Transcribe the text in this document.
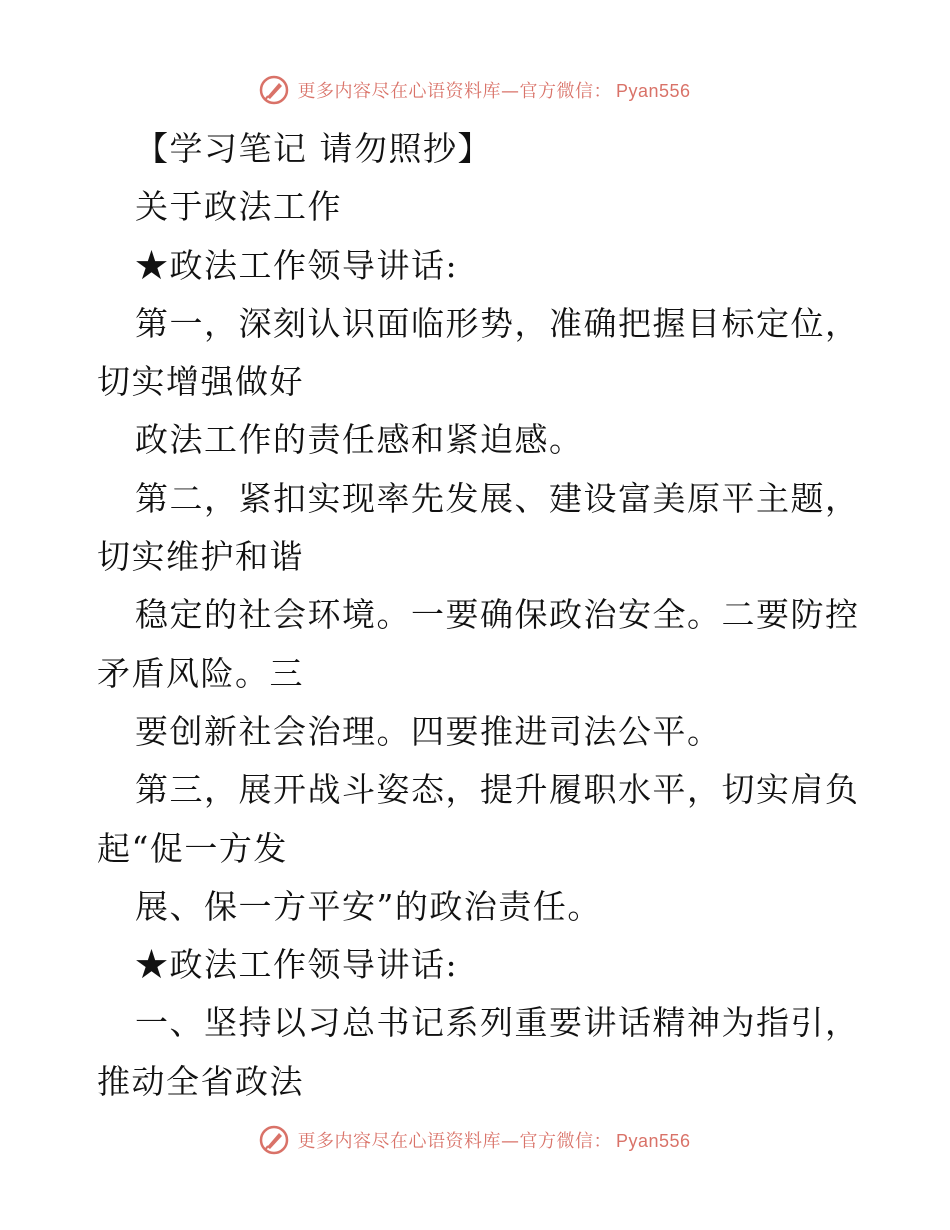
更多内容尽在心语资料库—官方微信： Pyan556
【学习笔记 请勿照抄】
关于政法工作
★政法工作领导讲话:
第一，深刻认识面临形势，准确把握目标定位，
切实增强做好
政法工作的责任感和紧迫感。
第二，紧扣实现率先发展、建设富美原平主题，
切实维护和谐
稳定的社会环境。一要确保政治安全。二要防控
矛盾风险。三
要创新社会治理。四要推进司法公平。
第三，展开战斗姿态，提升履职水平，切实肩负
起“促一方发
展、保一方平安”的政治责任。
★政法工作领导讲话:
一、坚持以习总书记系列重要讲话精神为指引，
推动全省政法
更多内容尽在心语资料库—官方微信： Pyan556
